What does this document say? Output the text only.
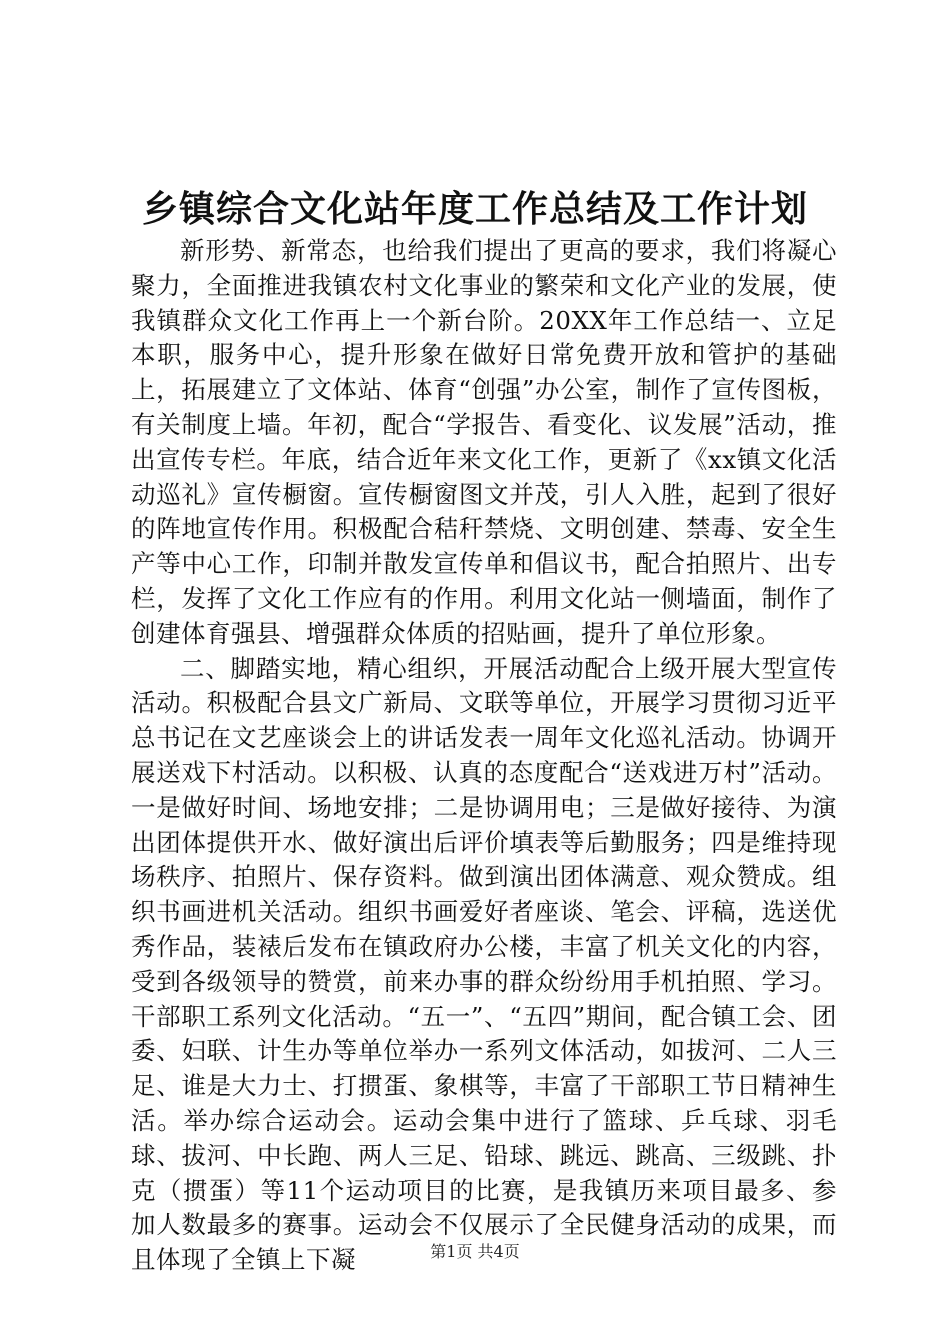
乡镇综合文化站年度工作总结及工作计划

新形势、新常态，也给我们提出了更高的要求，我们将凝心聚力，全面推进我镇农村文化事业的繁荣和文化产业的发展，使我镇群众文化工作再上一个新台阶。20XX年工作总结一、立足本职，服务中心，提升形象在做好日常免费开放和管护的基础上，拓展建立了文体站、体育“创强”办公室，制作了宣传图板，有关制度上墙。年初，配合“学报告、看变化、议发展”活动，推出宣传专栏。年底，结合近年来文化工作，更新了《xx镇文化活动巡礼》宣传橱窗。宣传橱窗图文并茂，引人入胜，起到了很好的阵地宣传作用。积极配合秸秆禁烧、文明创建、禁毒、安全生产等中心工作，印制并散发宣传单和倡议书，配合拍照片、出专栏，发挥了文化工作应有的作用。利用文化站一侧墙面，制作了创建体育强县、增强群众体质的招贴画，提升了单位形象。

二、脚踏实地，精心组织，开展活动配合上级开展大型宣传活动。积极配合县文广新局、文联等单位，开展学习贯彻习近平总书记在文艺座谈会上的讲话发表一周年文化巡礼活动。协调开展送戏下村活动。以积极、认真的态度配合“送戏进万村”活动。一是做好时间、场地安排；二是协调用电；三是做好接待、为演出团体提供开水、做好演出后评价填表等后勤服务；四是维持现场秩序、拍照片、保存资料。做到演出团体满意、观众赞成。组织书画进机关活动。组织书画爱好者座谈、笔会、评稿，选送优秀作品，装裱后发布在镇政府办公楼，丰富了机关文化的内容，受到各级领导的赞赏，前来办事的群众纷纷用手机拍照、学习。干部职工系列文化活动。“五一”、“五四”期间，配合镇工会、团委、妇联、计生办等单位举办一系列文体活动，如拔河、二人三足、谁是大力士、打掼蛋、象棋等，丰富了干部职工节日精神生活。举办综合运动会。运动会集中进行了篮球、乒乓球、羽毛球、拔河、中长跑、两人三足、铅球、跳远、跳高、三级跳、扑克（掼蛋）等11个运动项目的比赛，是我镇历来项目最多、参加人数最多的赛事。运动会不仅展示了全民健身活动的成果，而且体现了全镇上下凝	第1页 共4页
